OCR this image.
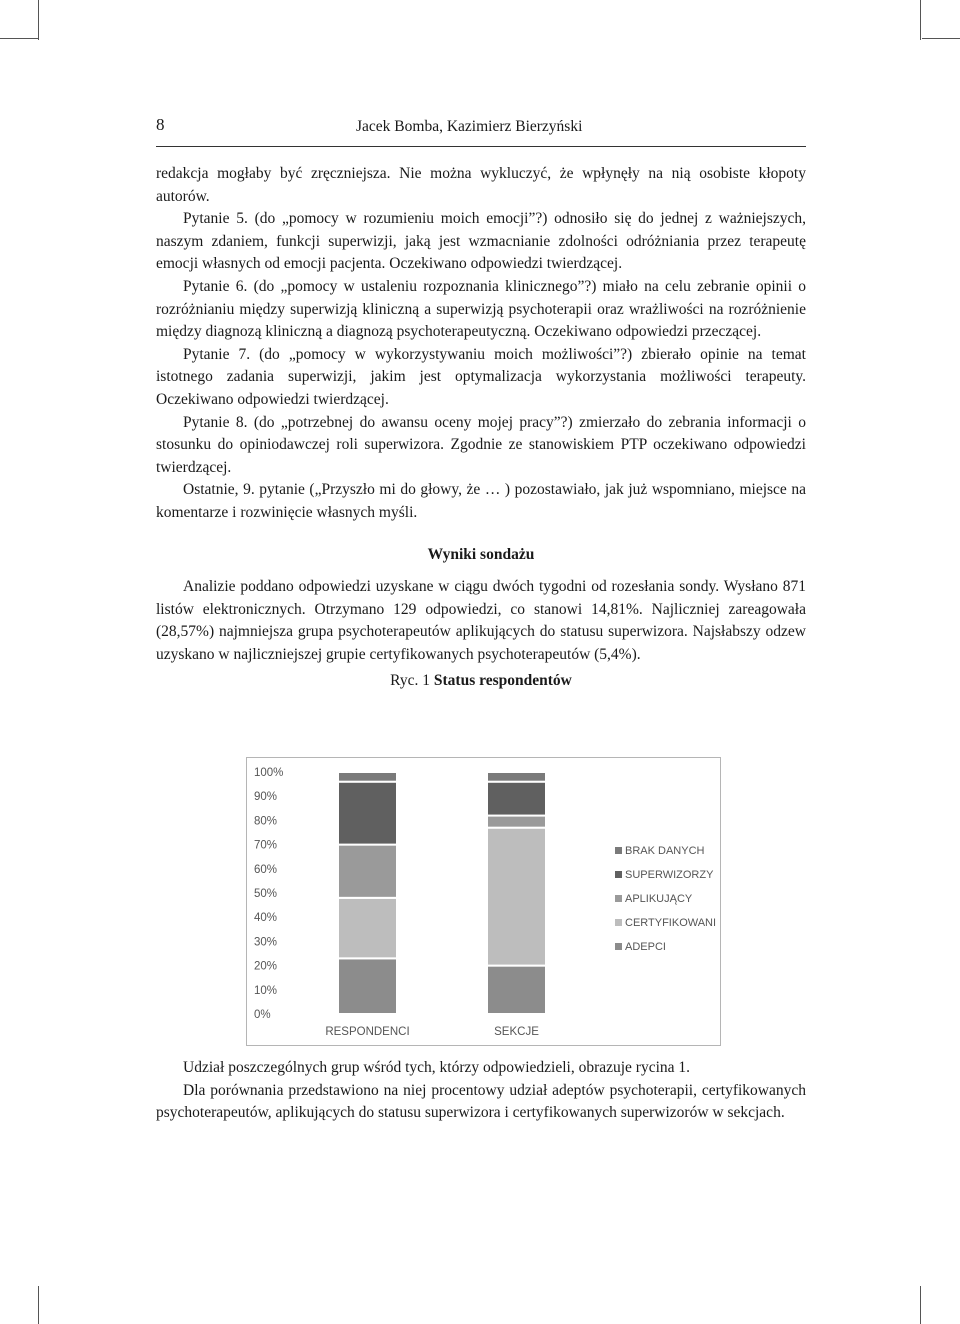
8	Jacek Bomba, Kazimierz Bierzyński

redakcja mogłaby być zręczniejsza. Nie można wykluczyć, że wpłynęły na nią osobiste kłopoty autorów.

Pytanie 5. (do „pomocy w rozumieniu moich emocji”?) odnosiło się do jednej z ważniejszych, naszym zdaniem, funkcji superwizji, jaką jest wzmacnianie zdolności odróżniania przez terapeutę emocji własnych od emocji pacjenta. Oczekiwano odpowiedzi twierdzącej.

Pytanie 6. (do „pomocy w ustaleniu rozpoznania klinicznego”?) miało na celu zebranie opinii o rozróżnianiu między superwizją kliniczną a superwizją psychoterapii oraz wrażliwości na rozróżnienie między diagnozą kliniczną a diagnozą psychoterapeutyczną. Oczekiwano odpowiedzi przeczącej.

Pytanie 7. (do „pomocy w wykorzystywaniu moich możliwości”?) zbierało opinie na temat istotnego zadania superwizji, jakim jest optymalizacja wykorzystania możliwości terapeuty. Oczekiwano odpowiedzi twierdzącej.

Pytanie 8. (do „potrzebnej do awansu oceny mojej pracy”?) zmierzało do zebrania informacji o stosunku do opiniodawczej roli superwizora. Zgodnie ze stanowiskiem PTP oczekiwano odpowiedzi twierdzącej.

Ostatnie, 9. pytanie („Przyszło mi do głowy, że … ) pozostawiało, jak już wspomniano, miejsce na komentarze i rozwinięcie własnych myśli.

Wyniki sondażu

Analizie poddano odpowiedzi uzyskane w ciągu dwóch tygodni od rozesłania sondy. Wysłano 871 listów elektronicznych. Otrzymano 129 odpowiedzi, co stanowi 14,81%. Najliczniej zareagowała (28,57%) najmniejsza grupa psychoterapeutów aplikujących do statusu superwizora. Najsłabszy odzew uzyskano w najliczniejszej grupie certyfikowanych psychoterapeutów (5,4%).

Ryc. 1 Status respondentów
0%
10%
20%
30%
40%
50%
60%
70%
80%
90%
100%
RESPONDENCI	SEKCJE
BRAK DANYCH
SUPERWIZORZY
APLIKUJĄCY
CERTYFIKOWANI
ADEPCI

Udział poszczególnych grup wśród tych, którzy odpowiedzieli, obrazuje rycina 1.

Dla porównania przedstawiono na niej procentowy udział adeptów psychoterapii, certyfikowanych psychoterapeutów, aplikujących do statusu superwizora i certyfikowanych superwizorów w sekcjach.
